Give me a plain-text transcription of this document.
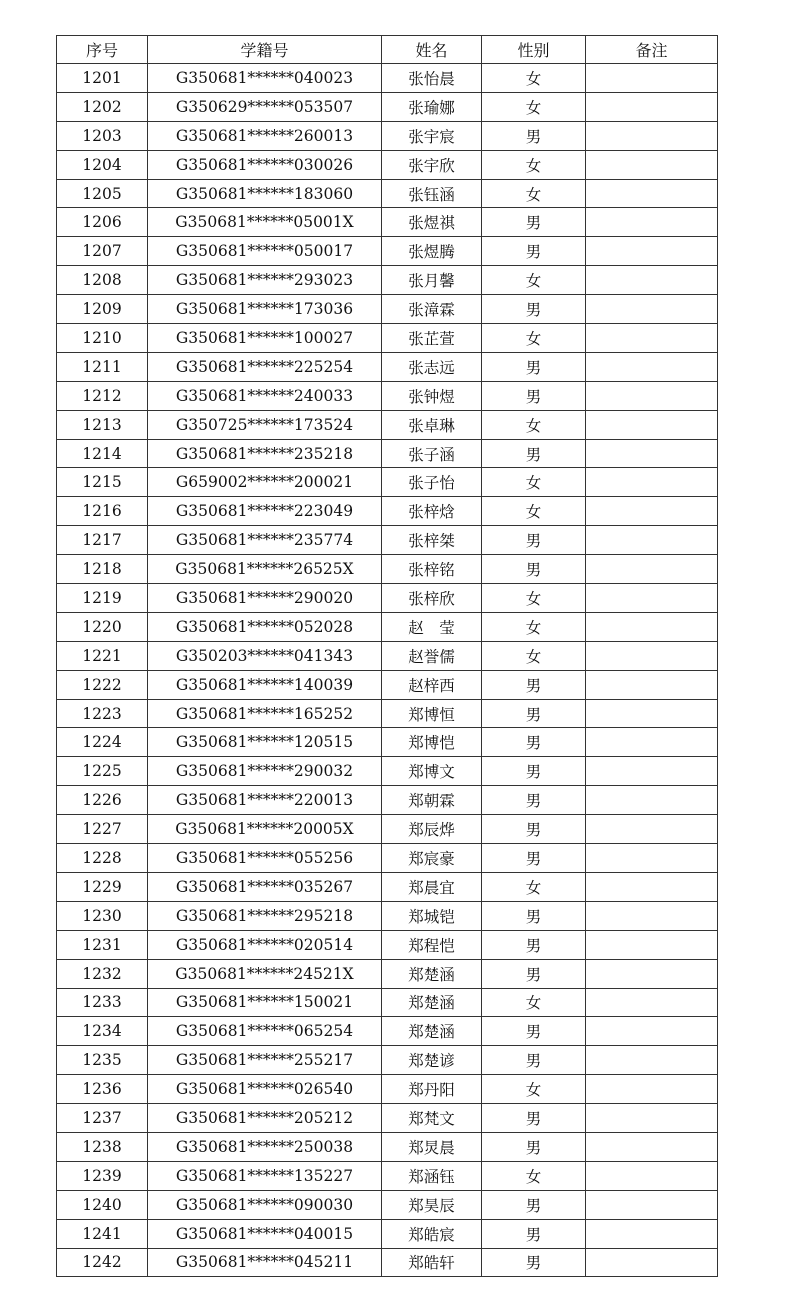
序号	学籍号	姓名	性别	备注
1201	G350681******040023	张怡晨	女	
1202	G350629******053507	张瑜娜	女	
1203	G350681******260013	张宇宸	男	
1204	G350681******030026	张宇欣	女	
1205	G350681******183060	张钰涵	女	
1206	G350681******05001X	张煜祺	男	
1207	G350681******050017	张煜腾	男	
1208	G350681******293023	张月馨	女	
1209	G350681******173036	张漳霖	男	
1210	G350681******100027	张芷萱	女	
1211	G350681******225254	张志远	男	
1212	G350681******240033	张钟煜	男	
1213	G350725******173524	张卓琳	女	
1214	G350681******235218	张子涵	男	
1215	G659002******200021	张子怡	女	
1216	G350681******223049	张梓焓	女	
1217	G350681******235774	张梓桀	男	
1218	G350681******26525X	张梓铭	男	
1219	G350681******290020	张梓欣	女	
1220	G350681******052028	赵　莹	女	
1221	G350203******041343	赵誉儒	女	
1222	G350681******140039	赵梓西	男	
1223	G350681******165252	郑博恒	男	
1224	G350681******120515	郑博恺	男	
1225	G350681******290032	郑博文	男	
1226	G350681******220013	郑朝霖	男	
1227	G350681******20005X	郑辰烨	男	
1228	G350681******055256	郑宸豪	男	
1229	G350681******035267	郑晨宜	女	
1230	G350681******295218	郑城铠	男	
1231	G350681******020514	郑程恺	男	
1232	G350681******24521X	郑楚涵	男	
1233	G350681******150021	郑楚涵	女	
1234	G350681******065254	郑楚涵	男	
1235	G350681******255217	郑楚谚	男	
1236	G350681******026540	郑丹阳	女	
1237	G350681******205212	郑梵文	男	
1238	G350681******250038	郑炅晨	男	
1239	G350681******135227	郑涵钰	女	
1240	G350681******090030	郑昊辰	男	
1241	G350681******040015	郑皓宸	男	
1242	G350681******045211	郑皓轩	男	
